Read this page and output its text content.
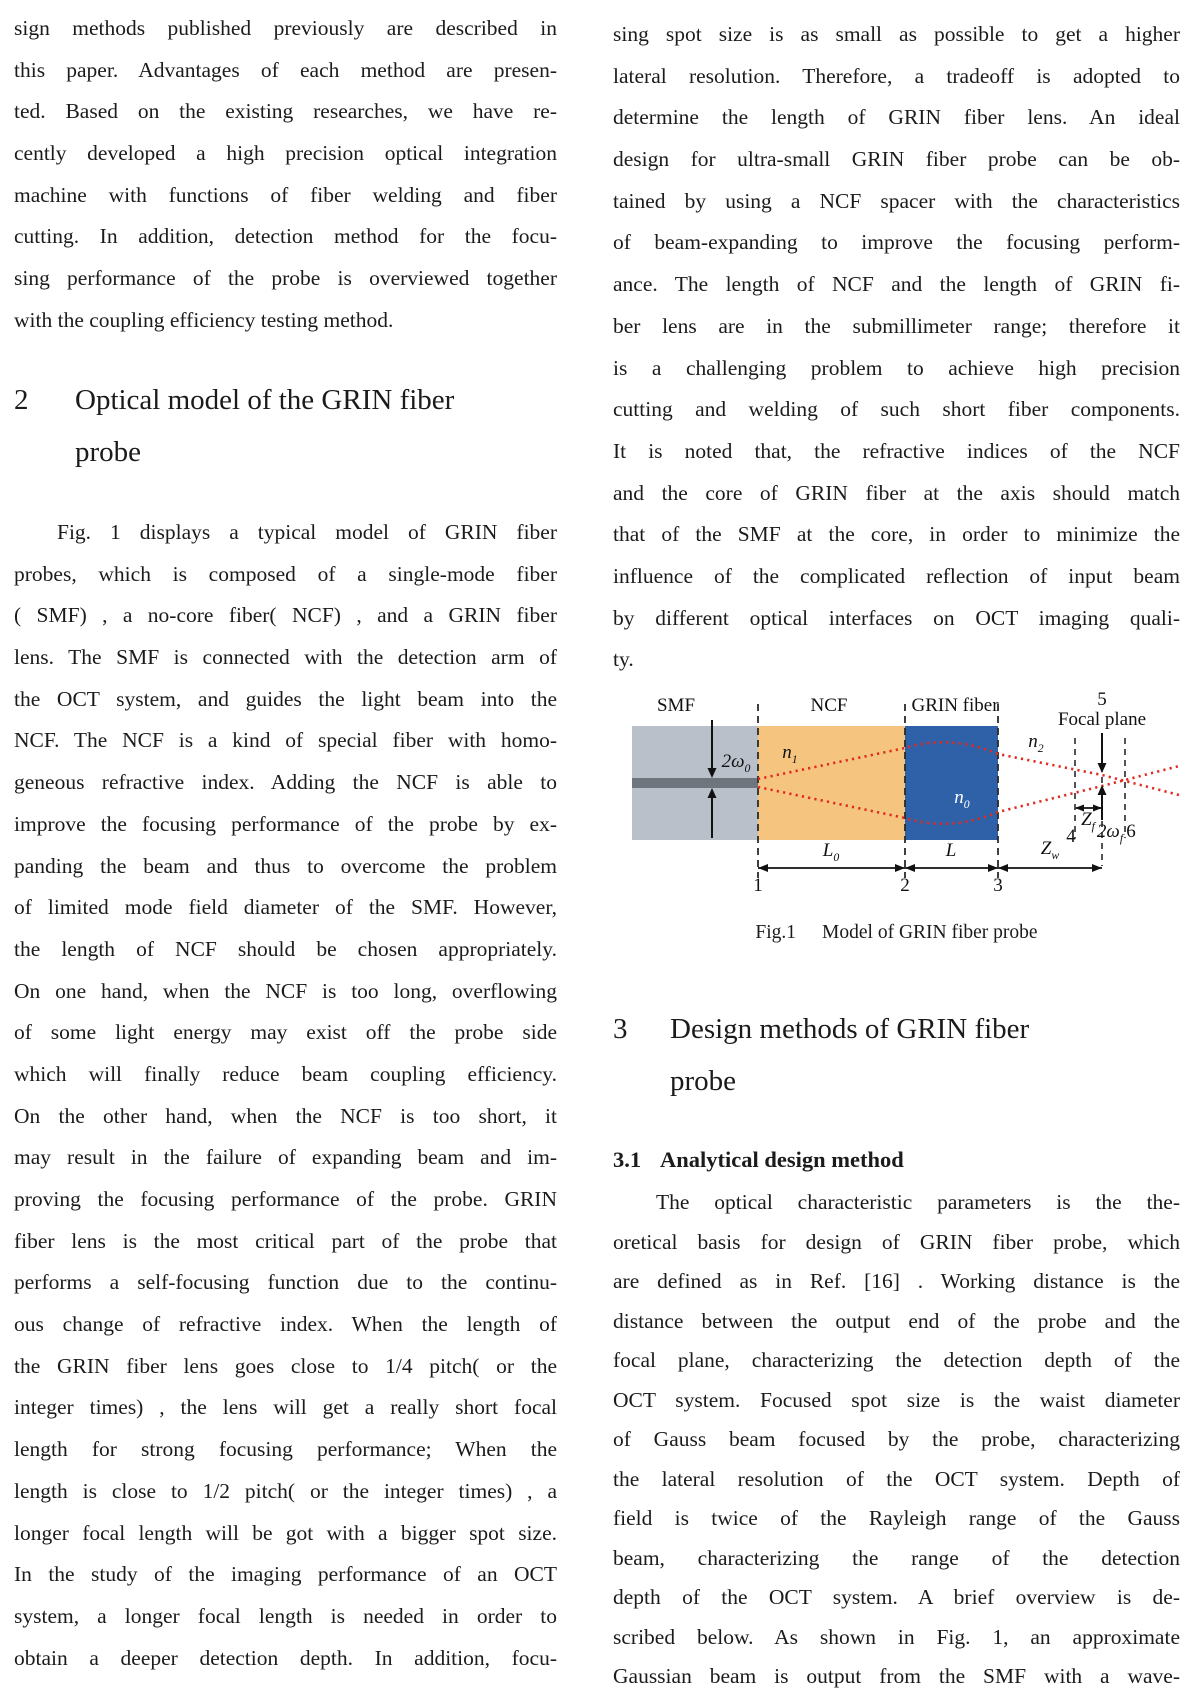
sign methods published previously are described in
this paper. Advantages of each method are presen-
ted. Based on the existing researches, we have re-
cently developed a high precision optical integration
machine with functions of fiber welding and fiber
cutting. In addition, detection method for the focu-
sing performance of the probe is overviewed together
with the coupling efficiency testing method.
2	Optical model of the GRIN fiber
probe
Fig. 1 displays a typical model of GRIN fiber
probes, which is composed of a single-mode fiber
( SMF) , a no-core fiber( NCF) , and a GRIN fiber
lens. The SMF is connected with the detection arm of
the OCT system, and guides the light beam into the
NCF. The NCF is a kind of special fiber with homo-
geneous refractive index. Adding the NCF is able to
improve the focusing performance of the probe by ex-
panding the beam and thus to overcome the problem
of limited mode field diameter of the SMF. However,
the length of NCF should be chosen appropriately.
On one hand, when the NCF is too long, overflowing
of some light energy may exist off the probe side
which will finally reduce beam coupling efficiency.
On the other hand, when the NCF is too short, it
may result in the failure of expanding beam and im-
proving the focusing performance of the probe. GRIN
fiber lens is the most critical part of the probe that
performs a self-focusing function due to the continu-
ous change of refractive index. When the length of
the GRIN fiber lens goes close to 1/4 pitch( or the
integer times) , the lens will get a really short focal
length for strong focusing performance; When the
length is close to 1/2 pitch( or the integer times) , a
longer focal length will be got with a bigger spot size.
In the study of the imaging performance of an OCT
system, a longer focal length is needed in order to
obtain a deeper detection depth. In addition, focu-
sing spot size is as small as possible to get a higher
lateral resolution. Therefore, a tradeoff is adopted to
determine the length of GRIN fiber lens. An ideal
design for ultra-small GRIN fiber probe can be ob-
tained by using a NCF spacer with the characteristics
of beam-expanding to improve the focusing perform-
ance. The length of NCF and the length of GRIN fi-
ber lens are in the submillimeter range; therefore it
is a challenging problem to achieve high precision
cutting and welding of such short fiber components.
It is noted that, the refractive indices of the NCF
and the core of GRIN fiber at the axis should match
that of the SMF at the core, in order to minimize the
influence of the complicated reflection of input beam
by different optical interfaces on OCT imaging quali-
ty.
SMF	NCF	GRIN fiber	5
Focal plane
$n_1$
$n_0$
$n_2$
$2\omega_0$
$L_0$	L	$Z_w$
$Z_f$ $2\omega_f$
1	2	3
4	6
Fig.1 Model of GRIN fiber probe
3	Design methods of GRIN fiber
probe
3.1 Analytical design method
The optical characteristic parameters is the the-
oretical basis for design of GRIN fiber probe, which
are defined as in Ref. [16] . Working distance is the
distance between the output end of the probe and the
focal plane, characterizing the detection depth of the
OCT system. Focused spot size is the waist diameter
of Gauss beam focused by the probe, characterizing
the lateral resolution of the OCT system. Depth of
field is twice of the Rayleigh range of the Gauss
beam, characterizing the range of the detection
depth of the OCT system. A brief overview is de-
scribed below. As shown in Fig. 1, an approximate
Gaussian beam is output from the SMF with a wave-
